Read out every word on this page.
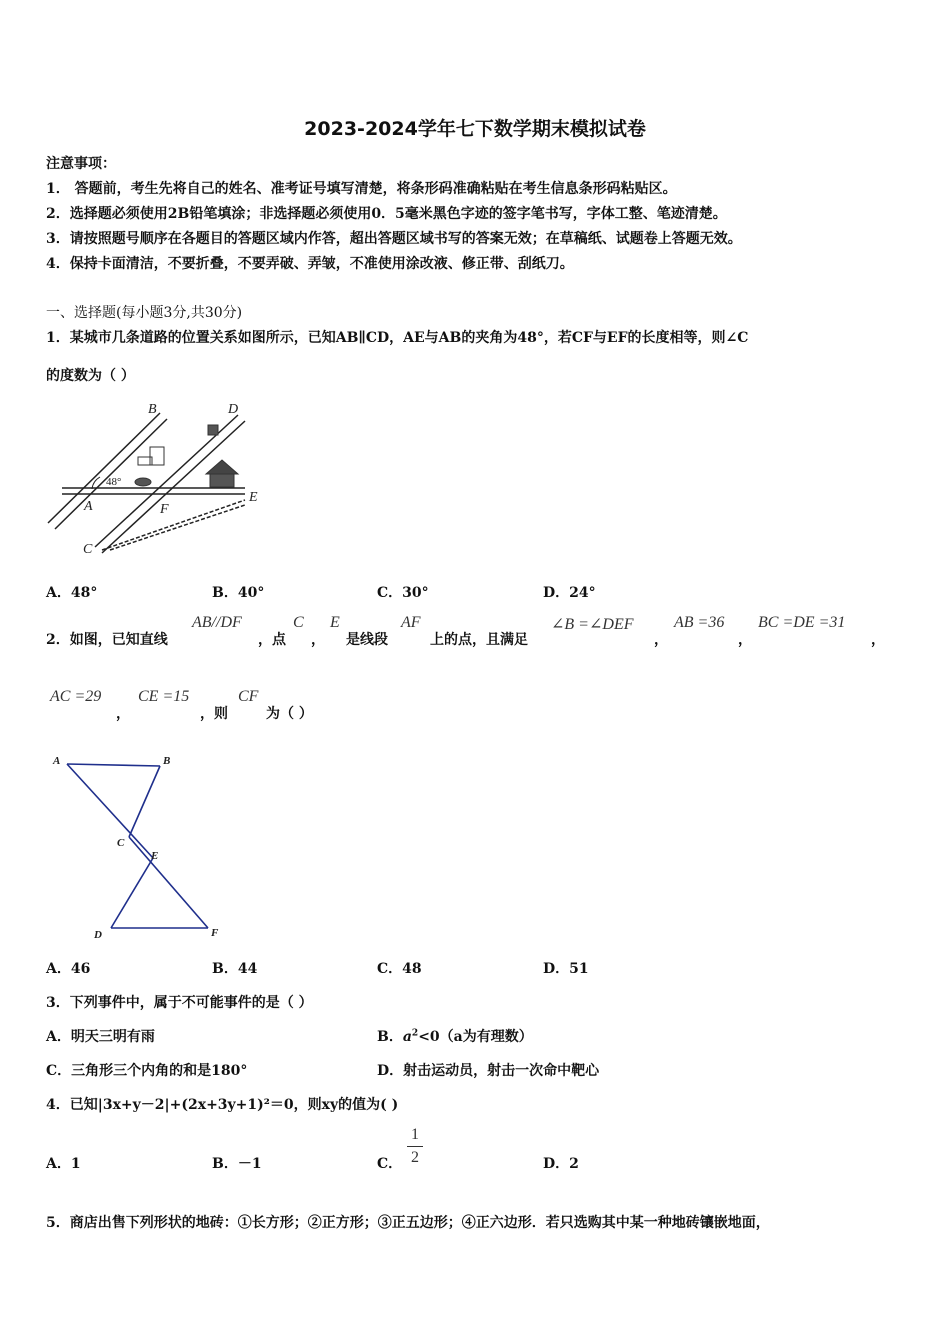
2023-2024学年七下数学期末模拟试卷
注意事项：
1． 答题前，考生先将自己的姓名、准考证号填写清楚，将条形码准确粘贴在考生信息条形码粘贴区。
2．选择题必须使用2B铅笔填涂；非选择题必须使用0．5毫米黑色字迹的签字笔书写，字体工整、笔迹清楚。
3．请按照题号顺序在各题目的答题区域内作答，超出答题区域书写的答案无效；在草稿纸、试题卷上答题无效。
4．保持卡面清洁，不要折叠，不要弄破、弄皱，不准使用涂改液、修正带、刮纸刀。
一、选择题(每小题3分,共30分)
1．某城市几条道路的位置关系如图所示，已知AB∥CD，AE与AB的夹角为48°，若CF与EF的长度相等，则∠C
的度数为（ ）
B	D
E
A	F
C
48°
A．48°	B．40°	C．30°	D．24°
2．如图，已知直线
AB//DF
，点
C
，
E
是线段
AF
上的点，且满足
∠B =∠DEF
，
AB =36
，
BC =DE =31
，
AC =29
，
CE =15
，则
CF
为（ ）
A	B
C
E
D	F
A．46	B．44	C．48	D．51
3．下列事件中，属于不可能事件的是（ ）
A．明天三明有雨	B．$a^2<0(a$为有理数）
C．三角形三个内角的和是180°	D．射击运动员，射击一次命中靶心
4．已知|3x+y－2|+(2x+3y+1)²＝0，则xy的值为( )
A．1	B．－1	C．
1
2	D．2
5．商店出售下列形状的地砖：①长方形；②正方形；③正五边形；④正六边形．若只选购其中某一种地砖镶嵌地面，
